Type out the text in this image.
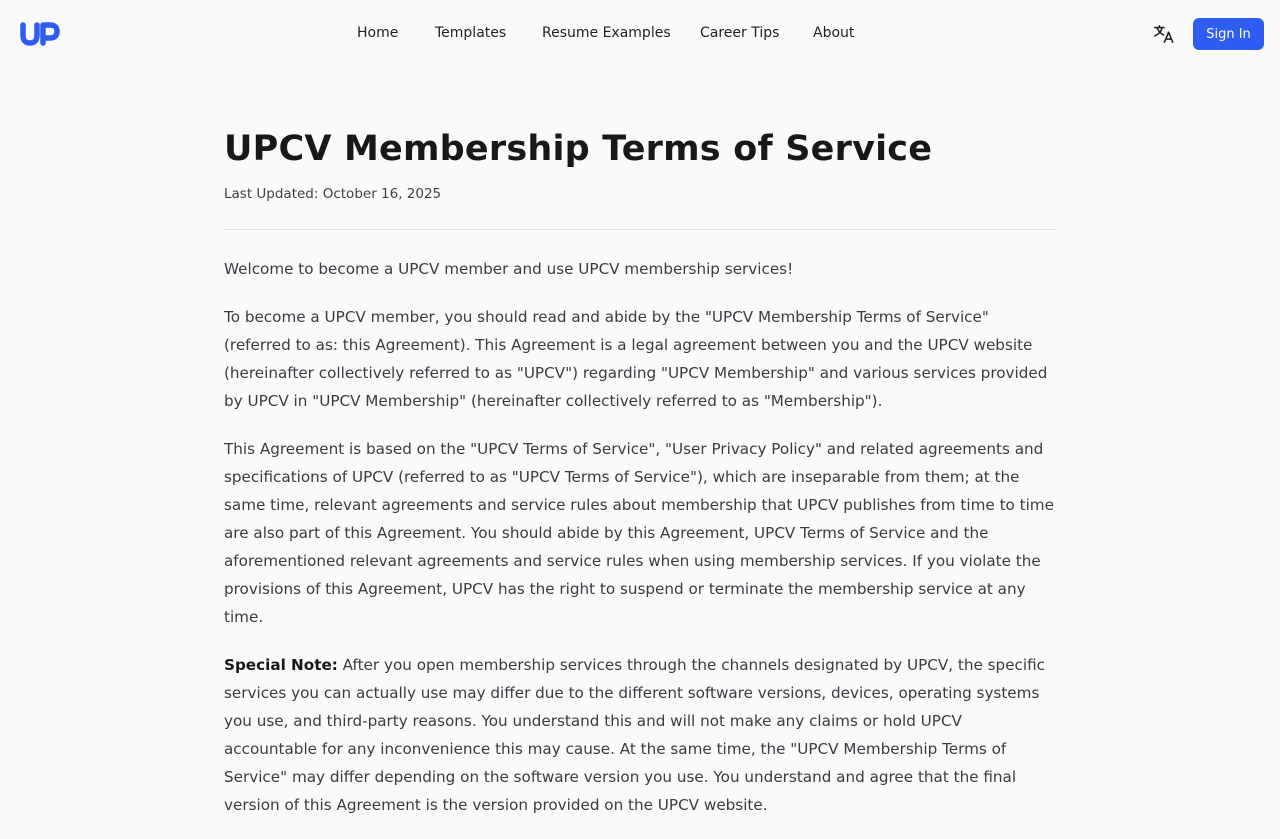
Home	Templates	Resume Examples Career Tips About	Sign In
UPCV Membership Terms of Service
Last Updated: October 16, 2025

Welcome to become a UPCV member and use UPCV membership services!

To become a UPCV member, you should read and abide by the "UPCV Membership Terms of Service" (referred to as: this Agreement). This Agreement is a legal agreement between you and the UPCV website (hereinafter collectively referred to as "UPCV") regarding "UPCV Membership" and various services provided by UPCV in "UPCV Membership" (hereinafter collectively referred to as "Membership").

This Agreement is based on the "UPCV Terms of Service", "User Privacy Policy" and related agreements and specifications of UPCV (referred to as "UPCV Terms of Service"), which are inseparable from them; at the same time, relevant agreements and service rules about membership that UPCV publishes from time to time are also part of this Agreement. You should abide by this Agreement, UPCV Terms of Service and the aforementioned relevant agreements and service rules when using membership services. If you violate the provisions of this Agreement, UPCV has the right to suspend or terminate the membership service at any time.

Special Note: After you open membership services through the channels designated by UPCV, the specific services you can actually use may differ due to the different software versions, devices, operating systems you use, and third-party reasons. You understand this and will not make any claims or hold UPCV accountable for any inconvenience this may cause. At the same time, the "UPCV Membership Terms of Service" may differ depending on the software version you use. You understand and agree that the final version of this Agreement is the version provided on the UPCV website.
